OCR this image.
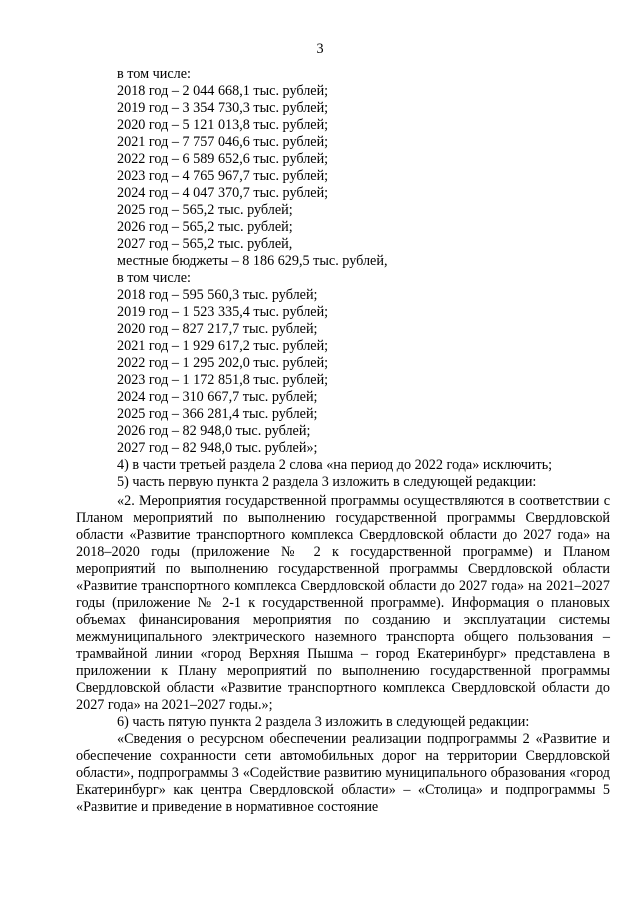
3
в том числе:
2018 год – 2 044 668,1 тыс. рублей;
2019 год – 3 354 730,3 тыс. рублей;
2020 год – 5 121 013,8 тыс. рублей;
2021 год – 7 757 046,6 тыс. рублей;
2022 год – 6 589 652,6 тыс. рублей;
2023 год – 4 765 967,7 тыс. рублей;
2024 год – 4 047 370,7 тыс. рублей;
2025 год – 565,2 тыс. рублей;
2026 год – 565,2 тыс. рублей;
2027 год – 565,2 тыс. рублей,
местные бюджеты – 8 186 629,5 тыс. рублей,
в том числе:
2018 год – 595 560,3 тыс. рублей;
2019 год – 1 523 335,4 тыс. рублей;
2020 год – 827 217,7 тыс. рублей;
2021 год – 1 929 617,2 тыс. рублей;
2022 год – 1 295 202,0 тыс. рублей;
2023 год – 1 172 851,8 тыс. рублей;
2024 год – 310 667,7 тыс. рублей;
2025 год – 366 281,4 тыс. рублей;
2026 год – 82 948,0 тыс. рублей;
2027 год – 82 948,0 тыс. рублей»;
4) в части третьей раздела 2 слова «на период до 2022 года» исключить;
5) часть первую пункта 2 раздела 3 изложить в следующей редакции:

«2. Мероприятия государственной программы осуществляются в соответствии с Планом мероприятий по выполнению государственной программы Свердловской области «Развитие транспортного комплекса Свердловской области до 2027 года» на 2018–2020 годы (приложение № 2 к государственной программе) и Планом мероприятий по выполнению государственной программы Свердловской области «Развитие транспортного комплекса Свердловской области до 2027 года» на 2021–2027 годы (приложение № 2-1 к государственной программе). Информация о плановых объемах финансирования мероприятия по созданию и эксплуатации системы межмуниципального электрического наземного транспорта общего пользования – трамвайной линии «город Верхняя Пышма – город Екатеринбург» представлена в приложении к Плану мероприятий по выполнению государственной программы Свердловской области «Развитие транспортного комплекса Свердловской области до 2027 года» на 2021–2027 годы.»;

6) часть пятую пункта 2 раздела 3 изложить в следующей редакции:

«Сведения о ресурсном обеспечении реализации подпрограммы 2 «Развитие и обеспечение сохранности сети автомобильных дорог на территории Свердловской области», подпрограммы 3 «Содействие развитию муниципального образования «город Екатеринбург» как центра Свердловской области» – «Столица» и подпрограммы 5 «Развитие и приведение в нормативное состояние
